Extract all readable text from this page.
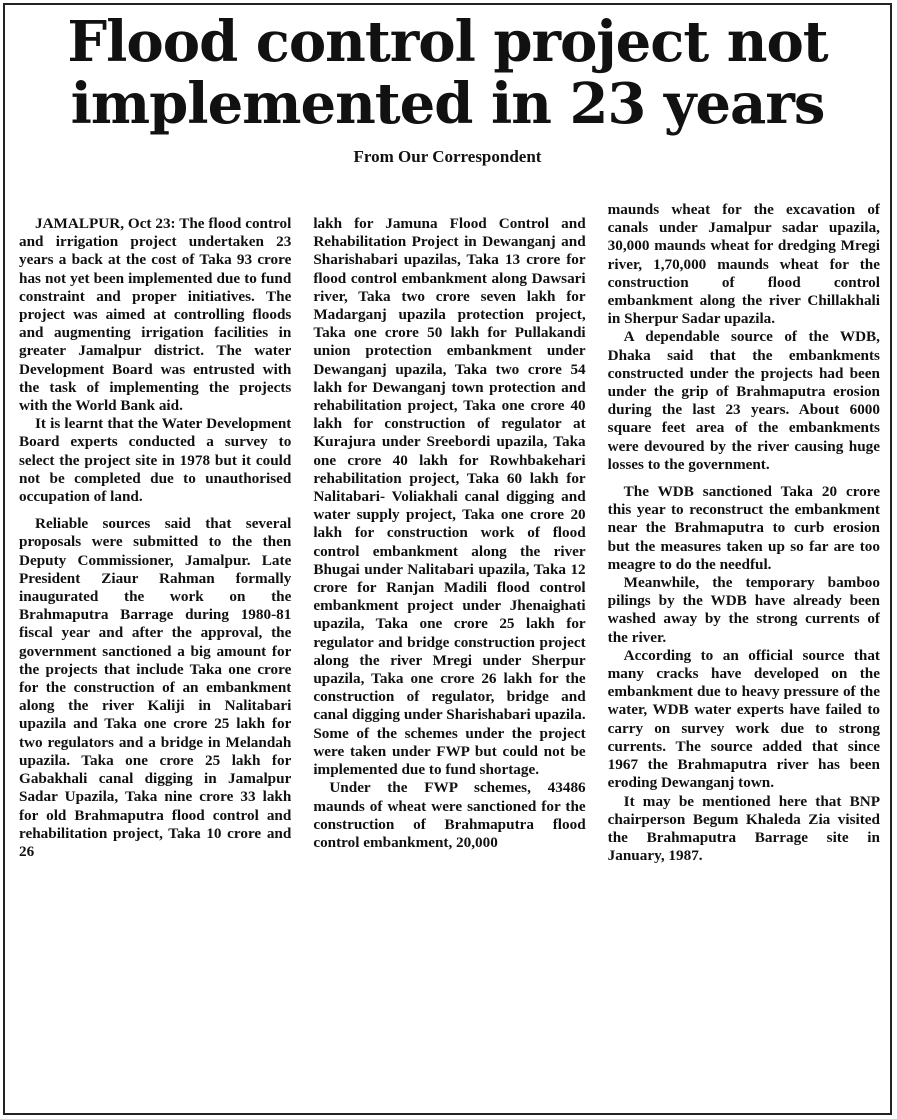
Flood control project not
implemented in 23 years
From Our Correspondent

JAMALPUR, Oct 23: The flood control and irrigation project undertaken 23 years a back at the cost of Taka 93 crore has not yet been implemented due to fund constraint and proper initiatives. The project was aimed at controlling floods and augmenting irrigation facilities in greater Jamalpur district. The water Development Board was entrusted with the task of implementing the projects with the World Bank aid.

It is learnt that the Water Development Board experts conducted a survey to select the project site in 1978 but it could not be completed due to unauthorised occupation of land.

Reliable sources said that several proposals were submitted to the then Deputy Commissioner, Jamalpur. Late President Ziaur Rahman formally inaugurated the work on the Brahmaputra Barrage during 1980-81 fiscal year and after the approval, the government sanctioned a big amount for the projects that include Taka one crore for the construction of an embankment along the river Kaliji in Nalitabari upazila and Taka one crore 25 lakh for two regulators and a bridge in Melandah upazila. Taka one crore 25 lakh for Gabakhali canal digging in Jamalpur Sadar Upazila, Taka nine crore 33 lakh for old Brahmaputra flood control and rehabilitation project, Taka 10 crore and 26

lakh for Jamuna Flood Control and Rehabilitation Project in Dewanganj and Sharishabari upazilas, Taka 13 crore for flood control embankment along Dawsari river, Taka two crore seven lakh for Madarganj upazila protection project, Taka one crore 50 lakh for Pullakandi union protection embankment under Dewanganj upazila, Taka two crore 54 lakh for Dewanganj town protection and rehabilitation project, Taka one crore 40 lakh for construction of regulator at Kurajura under Sreebordi upazila, Taka one crore 40 lakh for Rowhbakehari rehabilitation project, Taka 60 lakh for Nalitabari- Voliakhali canal digging and water supply project, Taka one crore 20 lakh for construction work of flood control embankment along the river Bhugai under Nalitabari upazila, Taka 12 crore for Ranjan Madili flood control embankment project under Jhenaighati upazila, Taka one crore 25 lakh for regulator and bridge construction project along the river Mregi under Sherpur upazila, Taka one crore 26 lakh for the construction of regulator, bridge and canal digging under Sharishabari upazila. Some of the schemes under the project were taken under FWP but could not be implemented due to fund shortage.

Under the FWP schemes, 43486 maunds of wheat were sanctioned for the construction of Brahmaputra flood control embankment, 20,000

maunds wheat for the excavation of canals under Jamalpur sadar upazila, 30,000 maunds wheat for dredging Mregi river, 1,70,000 maunds wheat for the construction of flood control embankment along the river Chillakhali in Sherpur Sadar upazila.

A dependable source of the WDB, Dhaka said that the embankments constructed under the projects had been under the grip of Brahmaputra erosion during the last 23 years. About 6000 square feet area of the embankments were devoured by the river causing huge losses to the government.

The WDB sanctioned Taka 20 crore this year to reconstruct the embankment near the Brahmaputra to curb erosion but the measures taken up so far are too meagre to do the needful.

Meanwhile, the temporary bamboo pilings by the WDB have already been washed away by the strong currents of the river.

According to an official source that many cracks have developed on the embankment due to heavy pressure of the water, WDB water experts have failed to carry on survey work due to strong currents. The source added that since 1967 the Brahmaputra river has been eroding Dewanganj town.

It may be mentioned here that BNP chairperson Begum Khaleda Zia visited the Brahmaputra Barrage site in January, 1987.
